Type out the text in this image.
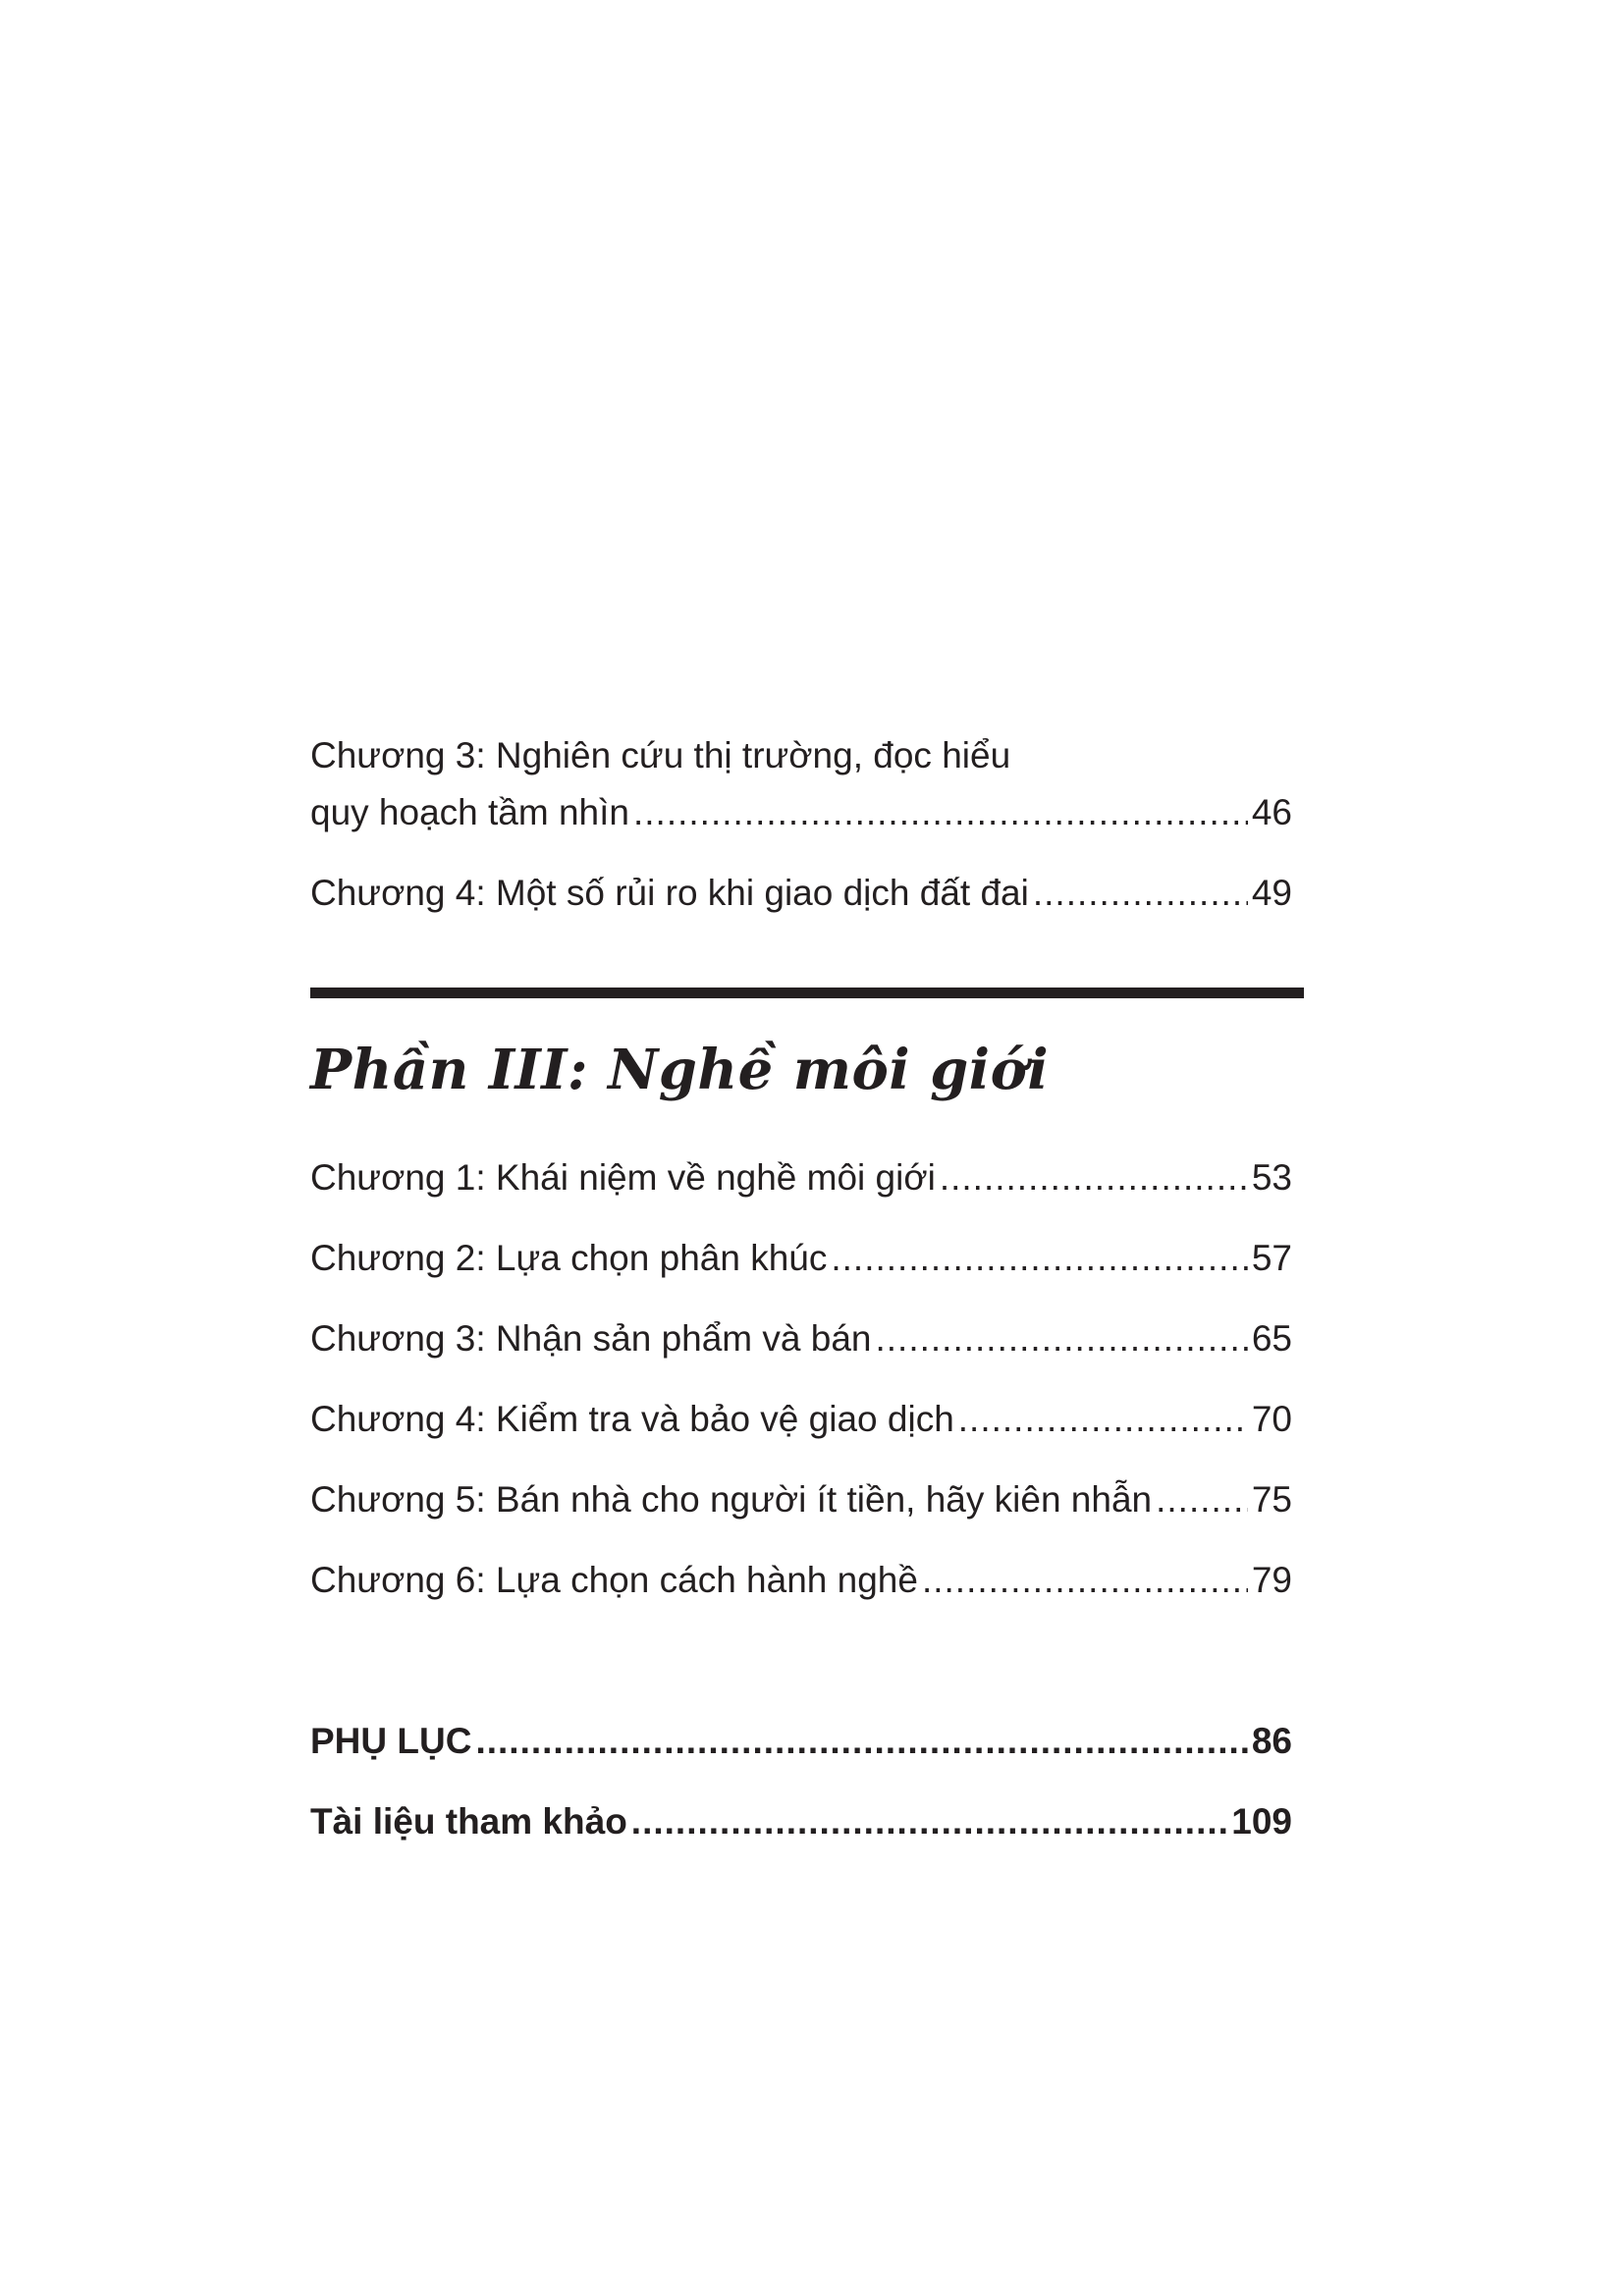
Chương 3: Nghiên cứu thị trường, đọc hiểu
quy hoạch tầm nhìn .....	46
Chương 4: Một số rủi ro khi giao dịch đất đai .....	49
Phần III: Nghề môi giới
Chương 1: Khái niệm về nghề môi giới .....	53
Chương 2: Lựa chọn phân khúc .....	57
Chương 3: Nhận sản phẩm và bán .....	65
Chương 4: Kiểm tra và bảo vệ giao dịch .....	70
Chương 5: Bán nhà cho người ít tiền, hãy kiên nhẫn .....	75
Chương 6: Lựa chọn cách hành nghề .....	79
PHỤ LỤC .....	86
Tài liệu tham khảo .....	109
